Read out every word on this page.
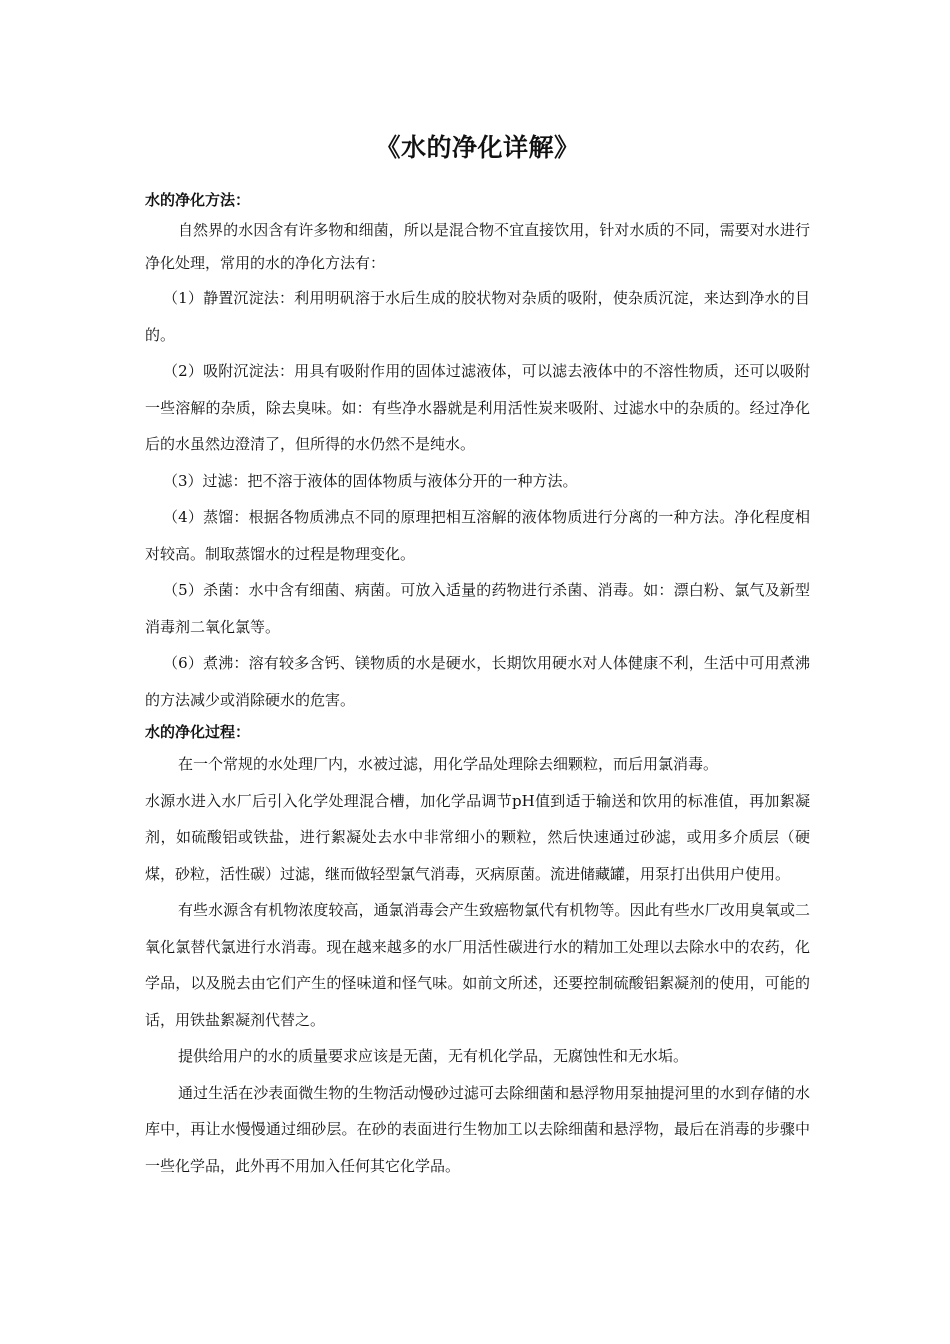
《水的净化详解》
水的净化方法：

自然界的水因含有许多物和细菌，所以是混合物不宜直接饮用，针对水质的不同，需要对水进行净化处理，常用的水的净化方法有：

（1）静置沉淀法：利用明矾溶于水后生成的胶状物对杂质的吸附，使杂质沉淀，来达到净水的目的。

（2）吸附沉淀法：用具有吸附作用的固体过滤液体，可以滤去液体中的不溶性物质，还可以吸附一些溶解的杂质，除去臭味。如：有些净水器就是利用活性炭来吸附、过滤水中的杂质的。经过净化后的水虽然边澄清了，但所得的水仍然不是纯水。

（3）过滤：把不溶于液体的固体物质与液体分开的一种方法。

（4）蒸馏：根据各物质沸点不同的原理把相互溶解的液体物质进行分离的一种方法。净化程度相对较高。制取蒸馏水的过程是物理变化。

（5）杀菌：水中含有细菌、病菌。可放入适量的药物进行杀菌、消毒。如：漂白粉、氯气及新型消毒剂二氧化氯等。

（6）煮沸：溶有较多含钙、镁物质的水是硬水，长期饮用硬水对人体健康不利，生活中可用煮沸的方法减少或消除硬水的危害。

水的净化过程：

在一个常规的水处理厂内，水被过滤，用化学品处理除去细颗粒，而后用氯消毒。

水源水进入水厂后引入化学处理混合槽，加化学品调节pH值到适于输送和饮用的标准值，再加絮凝剂，如硫酸铝或铁盐，进行絮凝处去水中非常细小的颗粒，然后快速通过砂滤，或用多介质层（硬煤，砂粒，活性碳）过滤，继而做轻型氯气消毒，灭病原菌。流进储藏罐，用泵打出供用户使用。

有些水源含有机物浓度较高，通氯消毒会产生致癌物氯代有机物等。因此有些水厂改用臭氧或二氧化氯替代氯进行水消毒。现在越来越多的水厂用活性碳进行水的精加工处理以去除水中的农药，化学品，以及脱去由它们产生的怪味道和怪气味。如前文所述，还要控制硫酸铝絮凝剂的使用，可能的话，用铁盐絮凝剂代替之。

提供给用户的水的质量要求应该是无菌，无有机化学品，无腐蚀性和无水垢。

通过生活在沙表面微生物的生物活动慢砂过滤可去除细菌和悬浮物用泵抽提河里的水到存储的水库中，再让水慢慢通过细砂层。在砂的表面进行生物加工以去除细菌和悬浮物，最后在消毒的步骤中一些化学品，此外再不用加入任何其它化学品。
